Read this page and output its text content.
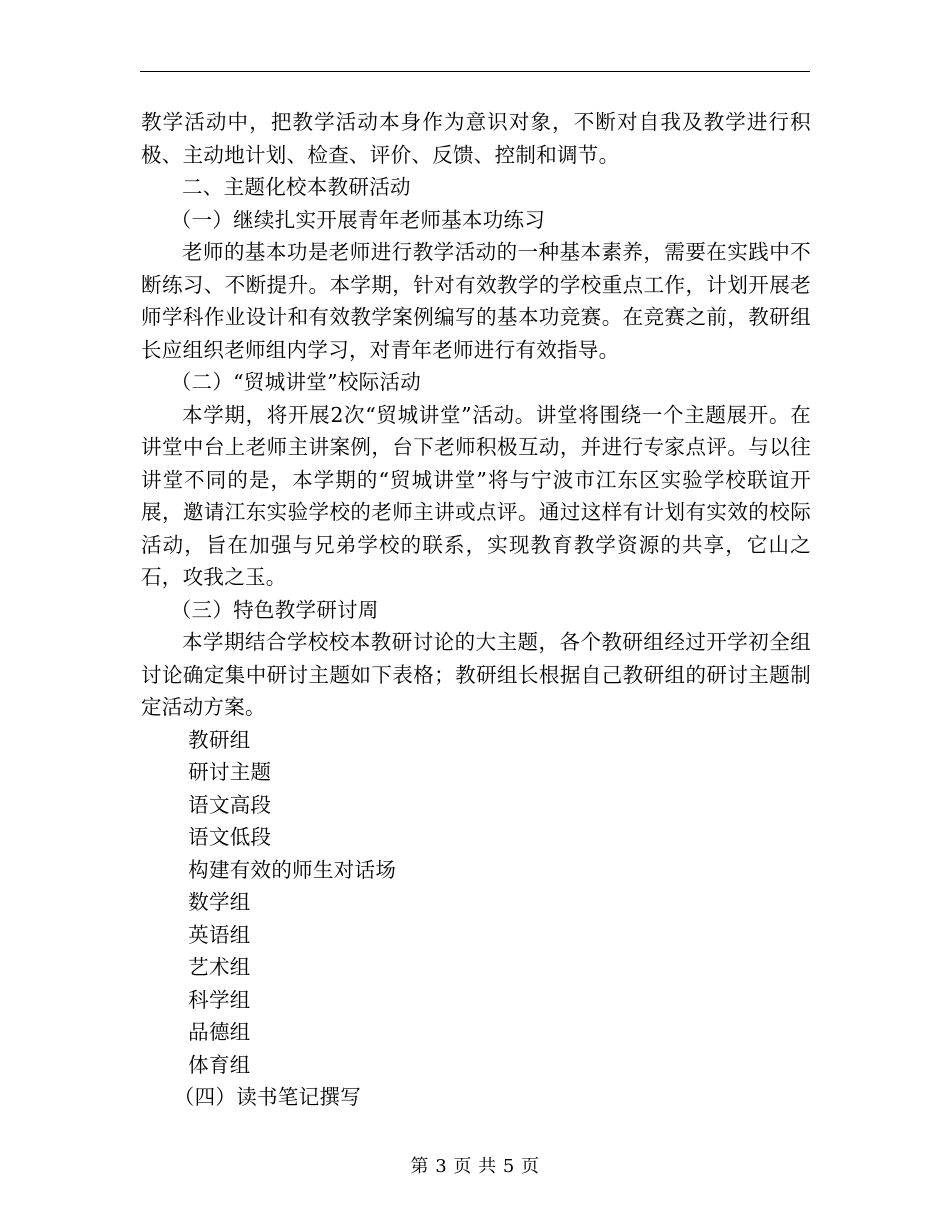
教学活动中，把教学活动本身作为意识对象，不断对自我及教学进行积极、主动地计划、检查、评价、反馈、控制和调节。

二、主题化校本教研活动

（一）继续扎实开展青年老师基本功练习

老师的基本功是老师进行教学活动的一种基本素养，需要在实践中不断练习、不断提升。本学期，针对有效教学的学校重点工作，计划开展老师学科作业设计和有效教学案例编写的基本功竞赛。在竞赛之前，教研组长应组织老师组内学习，对青年老师进行有效指导。

（二）“贸城讲堂”校际活动

本学期，将开展2次“贸城讲堂”活动。讲堂将围绕一个主题展开。在讲堂中台上老师主讲案例，台下老师积极互动，并进行专家点评。与以往讲堂不同的是，本学期的“贸城讲堂”将与宁波市江东区实验学校联谊开展，邀请江东实验学校的老师主讲或点评。通过这样有计划有实效的校际活动，旨在加强与兄弟学校的联系，实现教育教学资源的共享，它山之石，攻我之玉。

（三）特色教学研讨周

本学期结合学校校本教研讨论的大主题，各个教研组经过开学初全组讨论确定集中研讨主题如下表格；教研组长根据自己教研组的研讨主题制定活动方案。

教研组

研讨主题

语文高段

语文低段

构建有效的师生对话场

数学组

英语组

艺术组

科学组

品德组

体育组

（四）读书笔记撰写

第 3 页 共 5 页
